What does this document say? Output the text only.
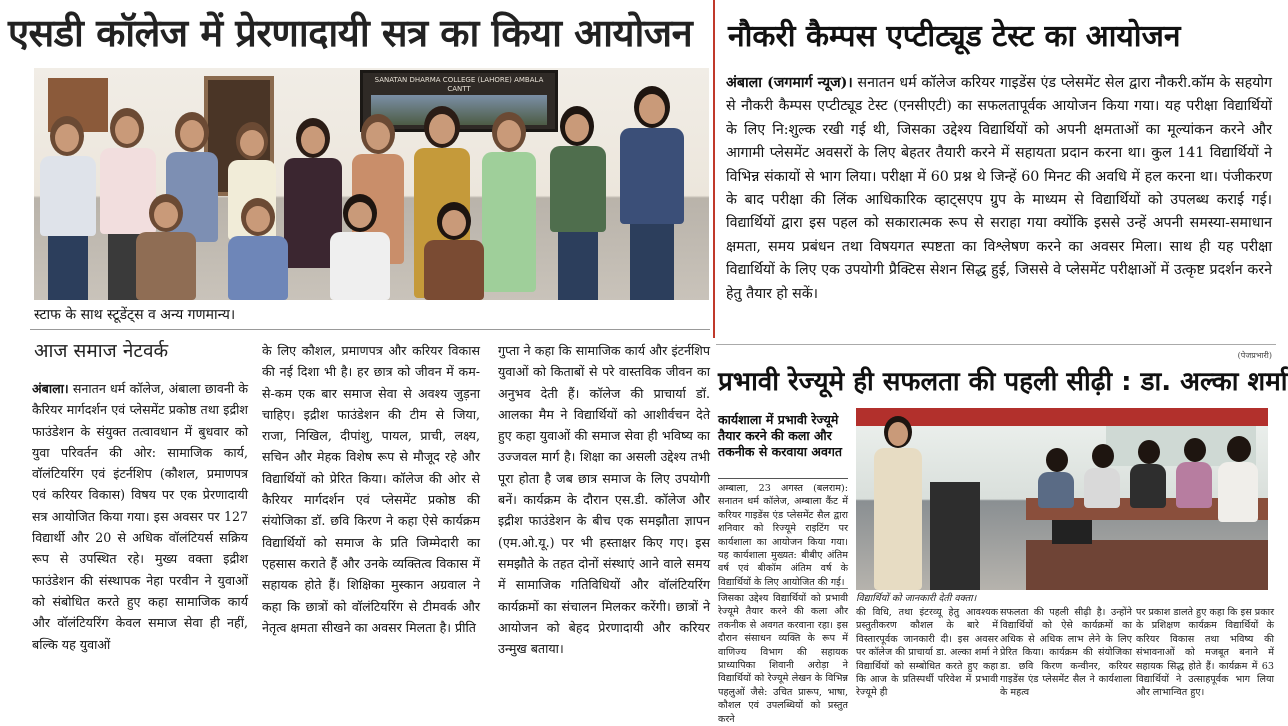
एसडी कॉलेज में प्रेरणादायी सत्र का किया आयोजन
SANATAN DHARMA COLLEGE (LAHORE) AMBALA CANTT
स्टाफ के साथ स्टूडेंट्स व अन्य गणमान्य।
आज समाज नेटवर्क
अंबाला। सनातन धर्म कॉलेज, अंबाला छावनी के कैरियर मार्गदर्शन एवं प्लेसमेंट प्रकोष्ठ तथा इद्रीश फाउंडेशन के संयुक्त तत्वावधान में बुधवार को युवा परिवर्तन की ओर: सामाजिक कार्य, वॉलंटियरिंग एवं इंटर्नशिप (कौशल, प्रमाणपत्र एवं करियर विकास) विषय पर एक प्रेरणादायी सत्र आयोजित किया गया। इस अवसर पर 127 विद्यार्थी और 20 से अधिक वॉलंटियर्स सक्रिय रूप से उपस्थित रहे। मुख्य वक्ता इद्रीश फाउंडेशन की संस्थापक नेहा परवीन ने युवाओं को संबोधित करते हुए कहा सामाजिक कार्य और वॉलंटियरिंग केवल समाज सेवा ही नहीं, बल्कि यह युवाओं
के लिए कौशल, प्रमाणपत्र और करियर विकास की नई दिशा भी है। हर छात्र को जीवन में कम-से-कम एक बार समाज सेवा से अवश्य जुड़ना चाहिए। इद्रीश फाउंडेशन की टीम से जिया, राजा, निखिल, दीपांशु, पायल, प्राची, लक्ष्य, सचिन और मेहक विशेष रूप से मौजूद रहे और विद्यार्थियों को प्रेरित किया। कॉलेज की ओर से कैरियर मार्गदर्शन एवं प्लेसमेंट प्रकोष्ठ की संयोजिका डॉ. छवि किरण ने कहा ऐसे कार्यक्रम विद्यार्थियों को समाज के प्रति जिम्मेदारी का एहसास कराते हैं और उनके व्यक्तित्व विकास में सहायक होते हैं। शिक्षिका मुस्कान अग्रवाल ने कहा कि छात्रों को वॉलंटियरिंग से टीमवर्क और नेतृत्व क्षमता सीखने का अवसर मिलता है। प्रीति
गुप्ता ने कहा कि सामाजिक कार्य और इंटर्नशिप युवाओं को किताबों से परे वास्तविक जीवन का अनुभव देती हैं। कॉलेज की प्राचार्या डॉ. आलका मैम ने विद्यार्थियों को आशीर्वचन देते हुए कहा युवाओं की समाज सेवा ही भविष्य का उज्जवल मार्ग है। शिक्षा का असली उद्देश्य तभी पूरा होता है जब छात्र समाज के लिए उपयोगी बनें। कार्यक्रम के दौरान एस.डी. कॉलेज और इद्रीश फाउंडेशन के बीच एक समझौता ज्ञापन (एम.ओ.यू.) पर भी हस्ताक्षर किए गए। इस समझौते के तहत दोनों संस्थाएं आने वाले समय में सामाजिक गतिविधियों और वॉलंटियरिंग कार्यक्रमों का संचालन मिलकर करेंगी। छात्रों ने आयोजन को बेहद प्रेरणादायी और करियर उन्मुख बताया।
नौकरी कैम्पस एप्टीट्यूड टेस्ट का आयोजन
अंबाला (जगमार्ग न्यूज)। सनातन धर्म कॉलेज करियर गाइडेंस एंड प्लेसमेंट सेल द्वारा नौकरी.कॉम के सहयोग से नौकरी कैम्पस एप्टीट्यूड टेस्ट (एनसीएटी) का सफलतापूर्वक आयोजन किया गया। यह परीक्षा विद्यार्थियों के लिए नि:शुल्क रखी गई थी, जिसका उद्देश्य विद्यार्थियों को अपनी क्षमताओं का मूल्यांकन करने और आगामी प्लेसमेंट अवसरों के लिए बेहतर तैयारी करने में सहायता प्रदान करना था। कुल 141 विद्यार्थियों ने विभिन्न संकायों से भाग लिया। परीक्षा में 60 प्रश्न थे जिन्हें 60 मिनट की अवधि में हल करना था। पंजीकरण के बाद परीक्षा की लिंक आधिकारिक व्हाट्सएप ग्रुप के माध्यम से विद्यार्थियों को उपलब्ध कराई गई। विद्यार्थियों द्वारा इस पहल को सकारात्मक रूप से सराहा गया क्योंकि इससे उन्हें अपनी समस्या-समाधान क्षमता, समय प्रबंधन तथा विषयगत स्पष्टता का विश्लेषण करने का अवसर मिला। साथ ही यह परीक्षा विद्यार्थियों के लिए एक उपयोगी प्रैक्टिस सेशन सिद्ध हुई, जिससे वे प्लेसमेंट परीक्षाओं में उत्कृष्ट प्रदर्शन करने हेतु तैयार हो सकें।
(पेजप्रभारी)
प्रभावी रेज्यूमे ही सफलता की पहली सीढ़ी : डा. अल्का शर्मा
कार्यशाला में प्रभावी रेज्यूमे तैयार करने की कला और तकनीक से करवाया अवगत
अम्बाला, 23 अगस्त (बलराम): सनातन धर्म कॉलेज, अम्बाला कैंट में करियर गाइडेंस एंड प्लेसमेंट सैल द्वारा शनिवार को रिज्यूमे राइटिंग पर कार्यशाला का आयोजन किया गया। यह कार्यशाला मुख्यत: बीबीए अंतिम वर्ष एवं बीकॉम अंतिम वर्ष के विद्यार्थियों के लिए आयोजित की गई।
जिसका उद्देश्य विद्यार्थियों को प्रभावी रेज्यूमे तैयार करने की कला और तकनीक से अवगत करवाना रहा। इस दौरान संसाधन व्यक्ति के रूप में वाणिज्य विभाग की सहायक प्राध्यापिका शिवानी अरोड़ा ने विद्यार्थियों को रेज्यूमे लेखन के विभिन्न पहलुओं जैसे: उचित प्रारूप, भाषा, कौशल एवं उपलब्धियों को प्रस्तुत करने
विद्यार्थियों को जानकारी देती वक्ता।
की विधि, तथा इंटरव्यू हेतु आवश्यक प्रस्तुतीकरण कौशल के बारे में विस्तारपूर्वक जानकारी दी। इस अवसर पर कॉलेज की प्राचार्या डा. अल्का शर्मा ने विद्यार्थियों को सम्बोधित करते हुए कहा कि आज के प्रतिस्पर्धी परिवेश में प्रभावी रेज्यूमे ही
सफलता की पहली सीढ़ी है। उन्होंने विद्यार्थियों को ऐसे कार्यक्रमों का अधिक से अधिक लाभ लेने के लिए प्रेरित किया। कार्यक्रम की संयोजिका डा. छवि किरण कन्वीनर, करियर गाइडेंस एंड प्लेसमेंट सैल ने कार्यशाला के महत्व
पर प्रकाश डालते हुए कहा कि इस प्रकार के प्रशिक्षण कार्यक्रम विद्यार्थियों के करियर विकास तथा भविष्य की संभावनाओं को मजबूत बनाने में सहायक सिद्ध होते हैं। कार्यक्रम में 63 विद्यार्थियों ने उत्साहपूर्वक भाग लिया और लाभान्वित हुए।
